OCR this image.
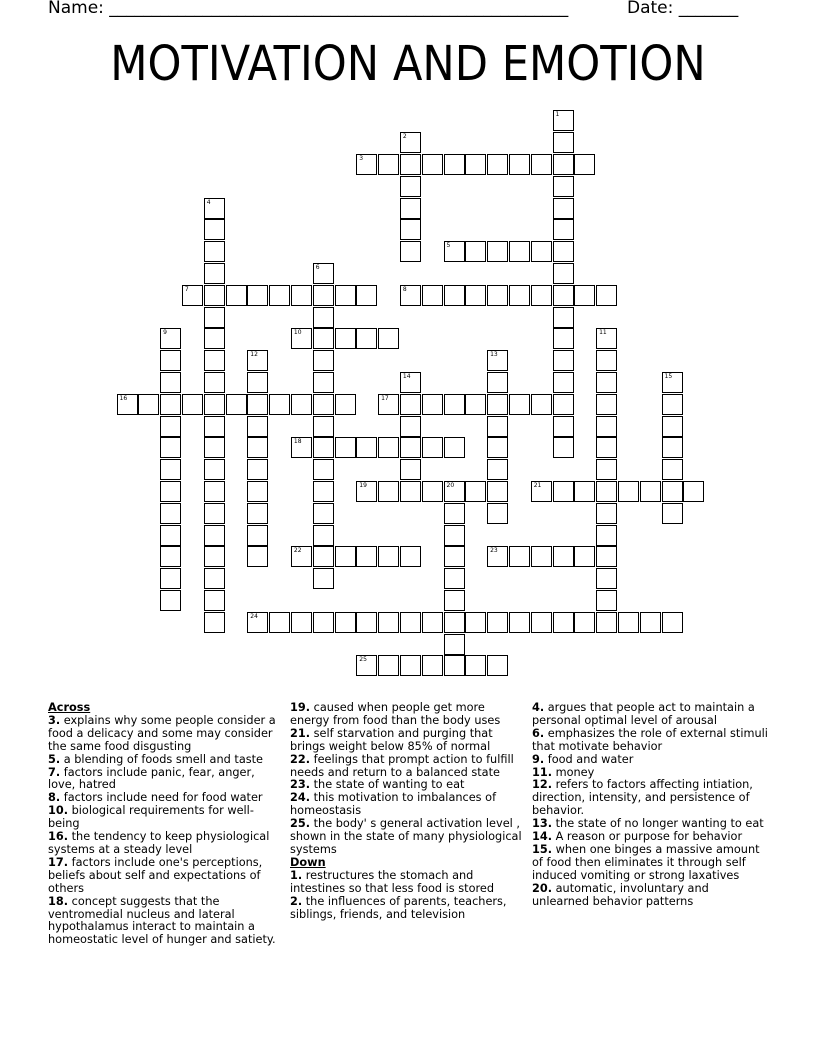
Name: ______________________________________________________	Date: _______
MOTIVATION AND EMOTION
1
2
3
4
5
6
7	8
9	10	11
12	13
14	15
16	17
18
19	20	21
22	23
24
25

Across

3. explains why some people consider a food a delicacy and some may consider the same food disgusting

5. a blending of foods smell and taste

7. factors include panic, fear, anger, love, hatred

8. factors include need for food water

10. biological requirements for well-being

16. the tendency to keep physiological systems at a steady level

17. factors include one's perceptions, beliefs about self and expectations of others

18. concept suggests that the ventromedial nucleus and lateral hypothalamus interact to maintain a homeostatic level of hunger and satiety.

19. caused when people get more energy from food than the body uses

21. self starvation and purging that brings weight below 85% of normal

22. feelings that prompt action to fulfill needs and return to a balanced state

23. the state of wanting to eat

24. this motivation to imbalances of homeostasis

25. the body' s general activation level , shown in the state of many physiological systems

Down

1. restructures the stomach and intestines so that less food is stored

2. the influences of parents, teachers, siblings, friends, and television

4. argues that people act to maintain a personal optimal level of arousal

6. emphasizes the role of external stimuli that motivate behavior

9. food and water

11. money

12. refers to factors affecting intiation, direction, intensity, and persistence of behavior.

13. the state of no longer wanting to eat

14. A reason or purpose for behavior

15. when one binges a massive amount of food then eliminates it through self induced vomiting or strong laxatives

20. automatic, involuntary and unlearned behavior patterns
